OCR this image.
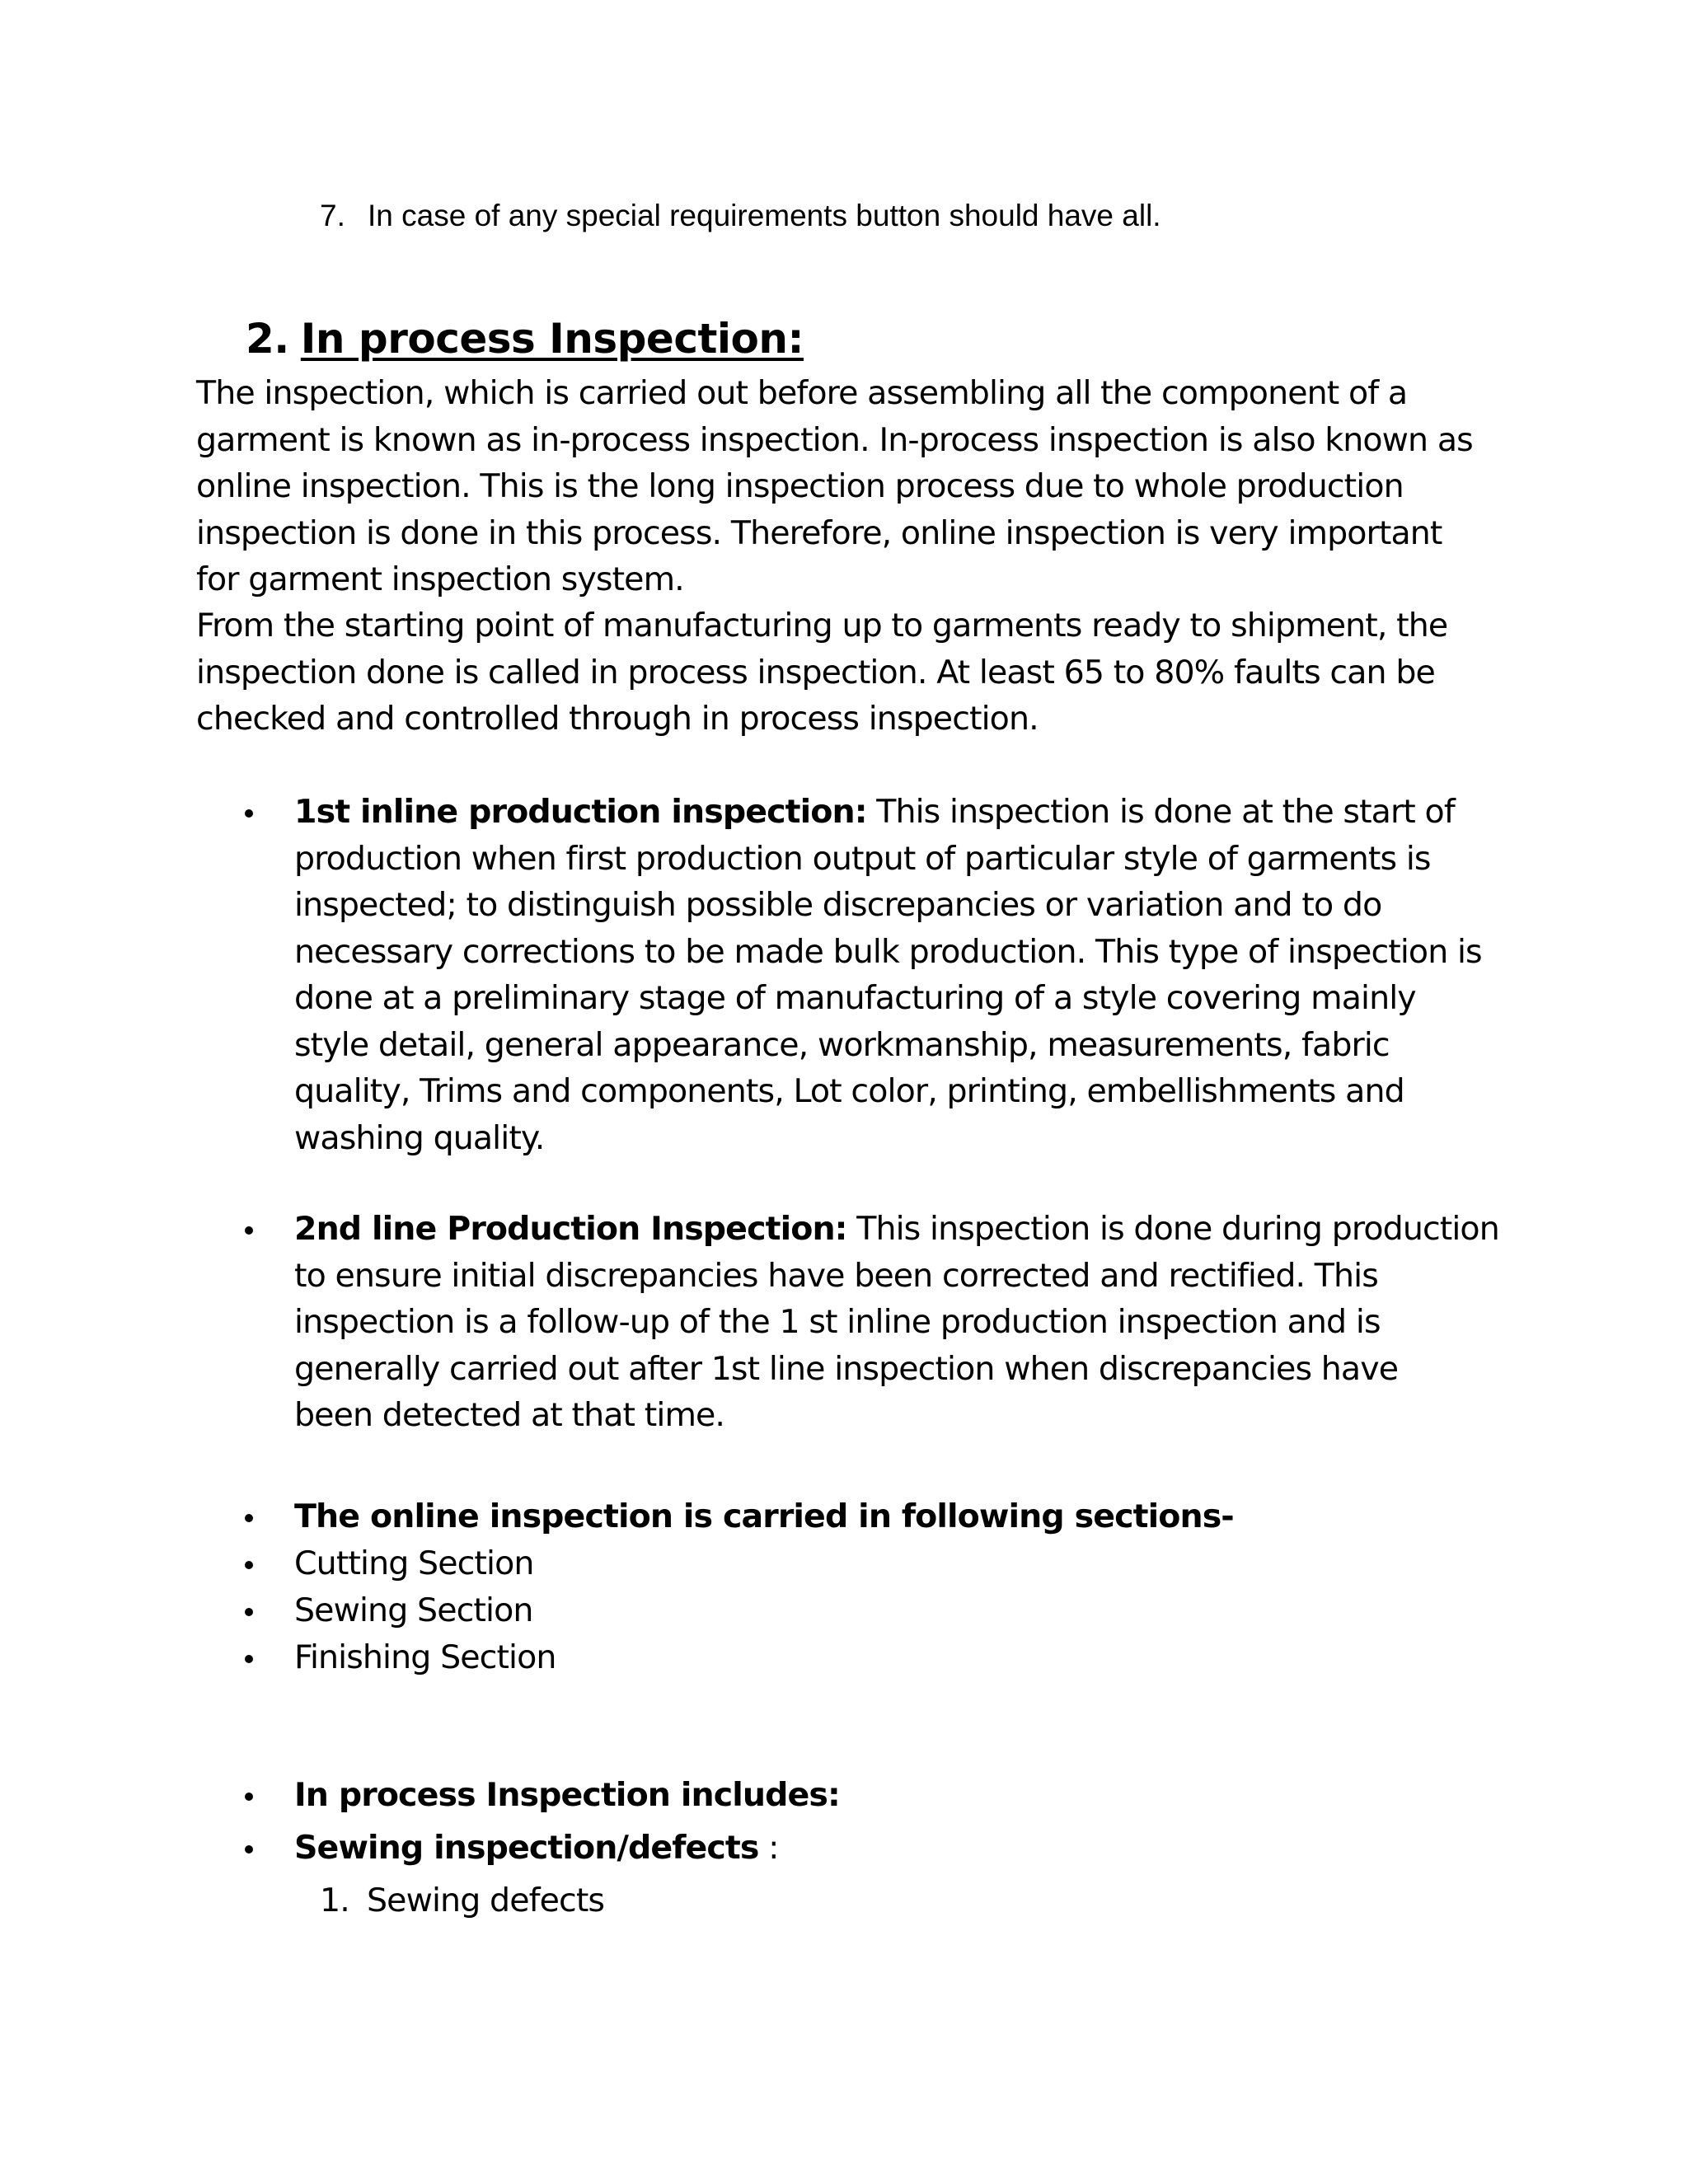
7. In case of any special requirements button should have all.
2. In process Inspection:
The inspection, which is carried out before assembling all the component of a
garment is known as in-process inspection. In-process inspection is also known as
online inspection. This is the long inspection process due to whole production
inspection is done in this process. Therefore, online inspection is very important
for garment inspection system.
From the starting point of manufacturing up to garments ready to shipment, the
inspection done is called in process inspection. At least 65 to 80% faults can be
checked and controlled through in process inspection.
1st inline production inspection: This inspection is done at the start of
production when first production output of particular style of garments is
inspected; to distinguish possible discrepancies or variation and to do
necessary corrections to be made bulk production. This type of inspection is
done at a preliminary stage of manufacturing of a style covering mainly
style detail, general appearance, workmanship, measurements, fabric
quality, Trims and components, Lot color, printing, embellishments and
washing quality.
2nd line Production Inspection: This inspection is done during production
to ensure initial discrepancies have been corrected and rectified. This
inspection is a follow-up of the 1 st inline production inspection and is
generally carried out after 1st line inspection when discrepancies have
been detected at that time.
The online inspection is carried in following sections-
Cutting Section
Sewing Section
Finishing Section
In process Inspection includes:
Sewing inspection/defects :
1. Sewing defects
